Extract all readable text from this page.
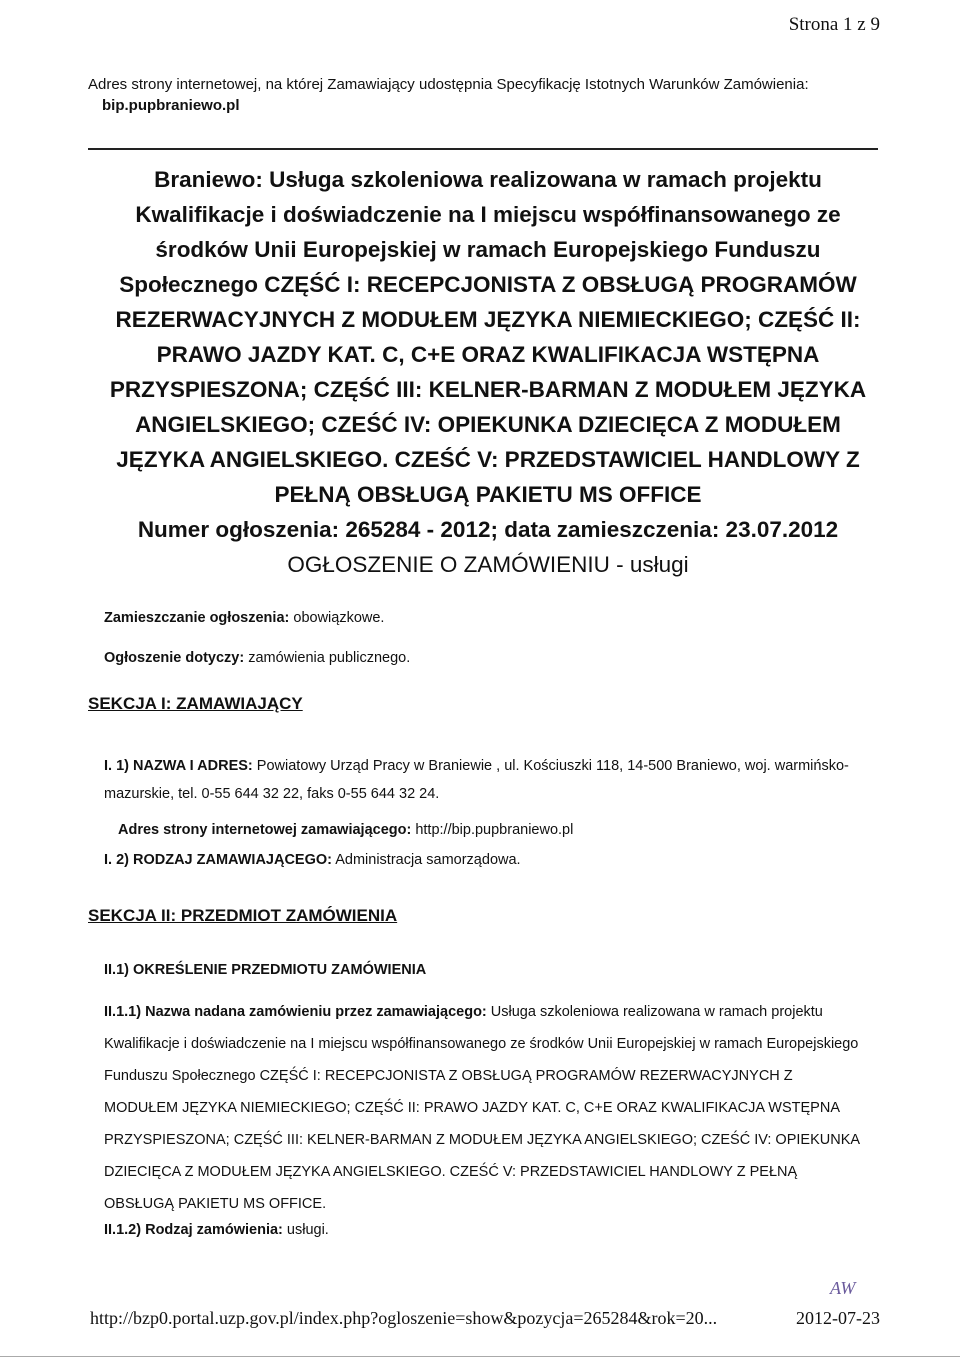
Strona 1 z 9
Adres strony internetowej, na której Zamawiający udostępnia Specyfikację Istotnych Warunków Zamówienia:
bip.pupbraniewo.pl
Braniewo: Usługa szkoleniowa realizowana w ramach projektu Kwalifikacje i doświadczenie na I miejscu współfinansowanego ze środków Unii Europejskiej w ramach Europejskiego Funduszu Społecznego CZĘŚĆ I: RECEPCJONISTA Z OBSŁUGĄ PROGRAMÓW REZERWACYJNYCH Z MODUŁEM JĘZYKA NIEMIECKIEGO; CZĘŚĆ II: PRAWO JAZDY KAT. C, C+E ORAZ KWALIFIKACJA WSTĘPNA PRZYSPIESZONA; CZĘŚĆ III: KELNER-BARMAN Z MODUŁEM JĘZYKA ANGIELSKIEGO; CZEŚĆ IV: OPIEKUNKA DZIECIĘCA Z MODUŁEM JĘZYKA ANGIELSKIEGO. CZEŚĆ V: PRZEDSTAWICIEL HANDLOWY Z PEŁNĄ OBSŁUGĄ PAKIETU MS OFFICE
Numer ogłoszenia: 265284 - 2012; data zamieszczenia: 23.07.2012
OGŁOSZENIE O ZAMÓWIENIU - usługi
Zamieszczanie ogłoszenia: obowiązkowe.
Ogłoszenie dotyczy: zamówienia publicznego.
SEKCJA I: ZAMAWIAJĄCY
I. 1) NAZWA I ADRES: Powiatowy Urząd Pracy w Braniewie , ul. Kościuszki 118, 14-500 Braniewo, woj. warmińsko-mazurskie, tel. 0-55 644 32 22, faks 0-55 644 32 24.
Adres strony internetowej zamawiającego: http://bip.pupbraniewo.pl
I. 2) RODZAJ ZAMAWIAJĄCEGO: Administracja samorządowa.
SEKCJA II: PRZEDMIOT ZAMÓWIENIA
II.1) OKREŚLENIE PRZEDMIOTU ZAMÓWIENIA
II.1.1) Nazwa nadana zamówieniu przez zamawiającego: Usługa szkoleniowa realizowana w ramach projektu Kwalifikacje i doświadczenie na I miejscu współfinansowanego ze środków Unii Europejskiej w ramach Europejskiego Funduszu Społecznego CZĘŚĆ I: RECEPCJONISTA Z OBSŁUGĄ PROGRAMÓW REZERWACYJNYCH Z MODUŁEM JĘZYKA NIEMIECKIEGO; CZĘŚĆ II: PRAWO JAZDY KAT. C, C+E ORAZ KWALIFIKACJA WSTĘPNA PRZYSPIESZONA; CZĘŚĆ III: KELNER-BARMAN Z MODUŁEM JĘZYKA ANGIELSKIEGO; CZEŚĆ IV: OPIEKUNKA DZIECIĘCA Z MODUŁEM JĘZYKA ANGIELSKIEGO. CZEŚĆ V: PRZEDSTAWICIEL HANDLOWY Z PEŁNĄ OBSŁUGĄ PAKIETU MS OFFICE.
II.1.2) Rodzaj zamówienia: usługi.
AW
http://bzp0.portal.uzp.gov.pl/index.php?ogloszenie=show&pozycja=265284&rok=20...	2012-07-23
